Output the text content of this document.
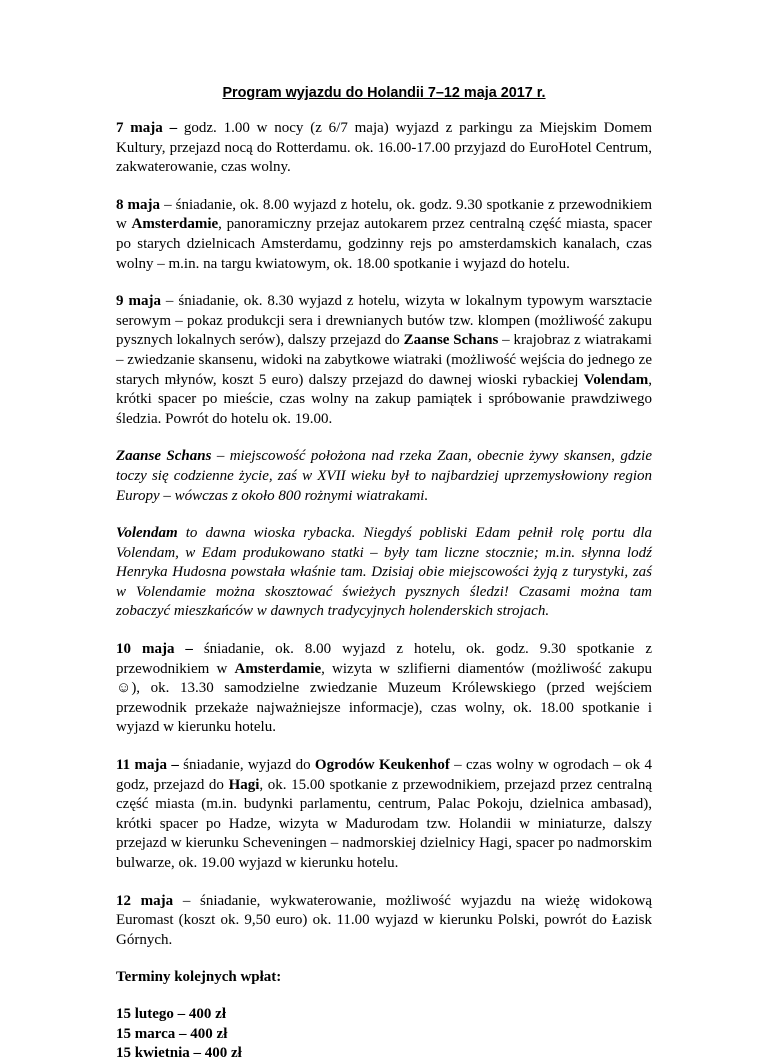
Program wyjazdu do Holandii 7–12 maja 2017 r.

7 maja – godz. 1.00 w nocy (z 6/7 maja) wyjazd z parkingu za Miejskim Domem Kultury, przejazd nocą do Rotterdamu. ok. 16.00-17.00 przyjazd do EuroHotel Centrum, zakwaterowanie, czas wolny.

8 maja – śniadanie, ok. 8.00 wyjazd z hotelu, ok. godz. 9.30 spotkanie z przewodnikiem w Amsterdamie, panoramiczny przejaz autokarem przez centralną część miasta, spacer po starych dzielnicach Amsterdamu, godzinny rejs po amsterdamskich kanalach, czas wolny – m.in. na targu kwiatowym, ok. 18.00 spotkanie i wyjazd do hotelu.

9 maja – śniadanie, ok. 8.30 wyjazd z hotelu, wizyta w lokalnym typowym warsztacie serowym – pokaz produkcji sera i drewnianych butów tzw. klompen (możliwość zakupu pysznych lokalnych serów), dalszy przejazd do Zaanse Schans – krajobraz z wiatrakami – zwiedzanie skansenu, widoki na zabytkowe wiatraki (możliwość wejścia do jednego ze starych młynów, koszt 5 euro) dalszy przejazd do dawnej wioski rybackiej Volendam, krótki spacer po mieście, czas wolny na zakup pamiątek i spróbowanie prawdziwego śledzia. Powrót do hotelu ok. 19.00.

Zaanse Schans – miejscowość położona nad rzeka Zaan, obecnie żywy skansen, gdzie toczy się codzienne życie, zaś w XVII wieku był to najbardziej uprzemysłowiony region Europy – wówczas z około 800 rożnymi wiatrakami.

Volendam to dawna wioska rybacka. Niegdyś pobliski Edam pełnił rolę portu dla Volendam, w Edam produkowano statki – były tam liczne stocznie; m.in. słynna lodź Henryka Hudosna powstała właśnie tam. Dzisiaj obie miejscowości żyją z turystyki, zaś w Volendamie można skosztować świeżych pysznych śledzi! Czasami można tam zobaczyć mieszkańców w dawnych tradycyjnych holenderskich strojach.

10 maja – śniadanie, ok. 8.00 wyjazd z hotelu, ok. godz. 9.30 spotkanie z przewodnikiem w Amsterdamie, wizyta w szlifierni diamentów (możliwość zakupu ☺), ok. 13.30 samodzielne zwiedzanie Muzeum Królewskiego (przed wejściem przewodnik przekaże najważniejsze informacje), czas wolny, ok. 18.00 spotkanie i wyjazd w kierunku hotelu.

11 maja – śniadanie, wyjazd do Ogrodów Keukenhof – czas wolny w ogrodach – ok 4 godz, przejazd do Hagi, ok. 15.00 spotkanie z przewodnikiem, przejazd przez centralną część miasta (m.in. budynki parlamentu, centrum, Palac Pokoju, dzielnica ambasad), krótki spacer po Hadze, wizyta w Madurodam tzw. Holandii w miniaturze, dalszy przejazd w kierunku Scheveningen – nadmorskiej dzielnicy Hagi, spacer po nadmorskim bulwarze, ok. 19.00 wyjazd w kierunku hotelu.

12 maja – śniadanie, wykwaterowanie, możliwość wyjazdu na wieżę widokową Euromast (koszt ok. 9,50 euro) ok. 11.00 wyjazd w kierunku Polski, powrót do Łazisk Górnych.

Terminy kolejnych wpłat:
15 lutego – 400 zł
15 marca – 400 zł
15 kwietnia – 400 zł
